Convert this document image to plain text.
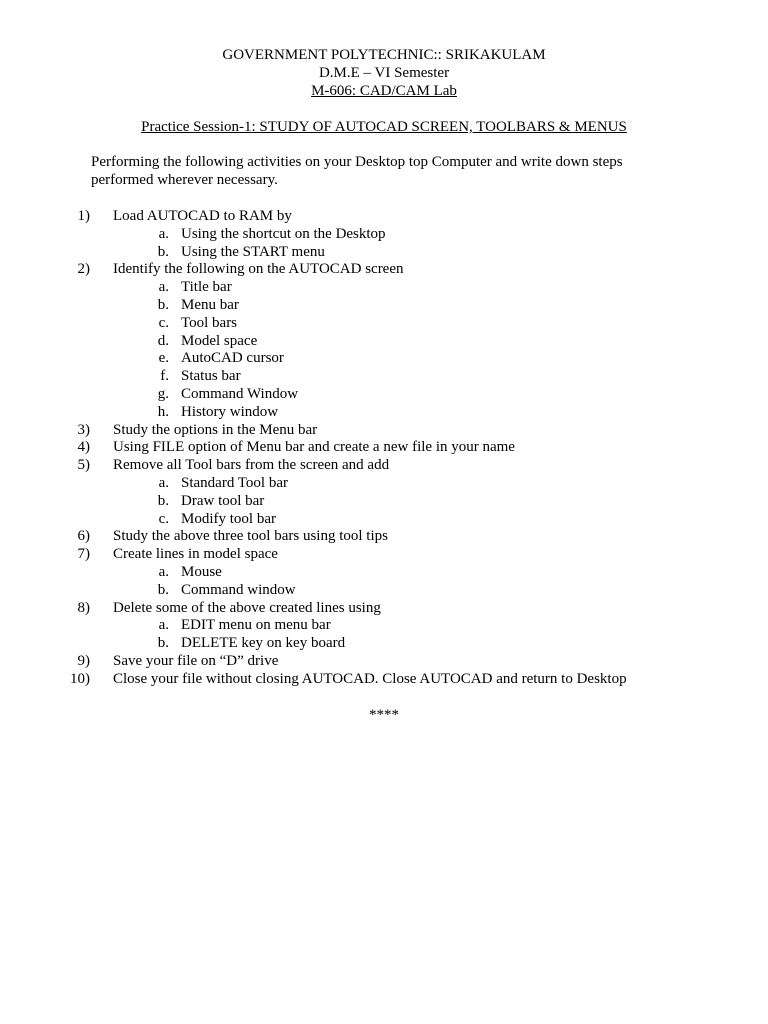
GOVERNMENT POLYTECHNIC:: SRIKAKULAM
D.M.E – VI Semester
M-606: CAD/CAM Lab
Practice Session-1: STUDY OF AUTOCAD SCREEN, TOOLBARS & MENUS
Performing the following activities on your Desktop top Computer and write down steps performed wherever necessary.
1) Load AUTOCAD to RAM by
a. Using the shortcut on the Desktop
b. Using the START menu
2) Identify the following on the AUTOCAD screen
a. Title bar
b. Menu bar
c. Tool bars
d. Model space
e. AutoCAD cursor
f. Status bar
g. Command Window
h. History window
3) Study the options in the Menu bar
4) Using FILE option of Menu bar and create a new file in your name
5) Remove all Tool bars from the screen and add
a. Standard Tool bar
b. Draw tool bar
c. Modify tool bar
6) Study the above three tool bars using tool tips
7) Create lines in model space
a. Mouse
b. Command window
8) Delete some of the above created lines using
a. EDIT menu on menu bar
b. DELETE key on key board
9) Save your file on “D” drive
10) Close your file without closing AUTOCAD. Close AUTOCAD and return to Desktop
****
